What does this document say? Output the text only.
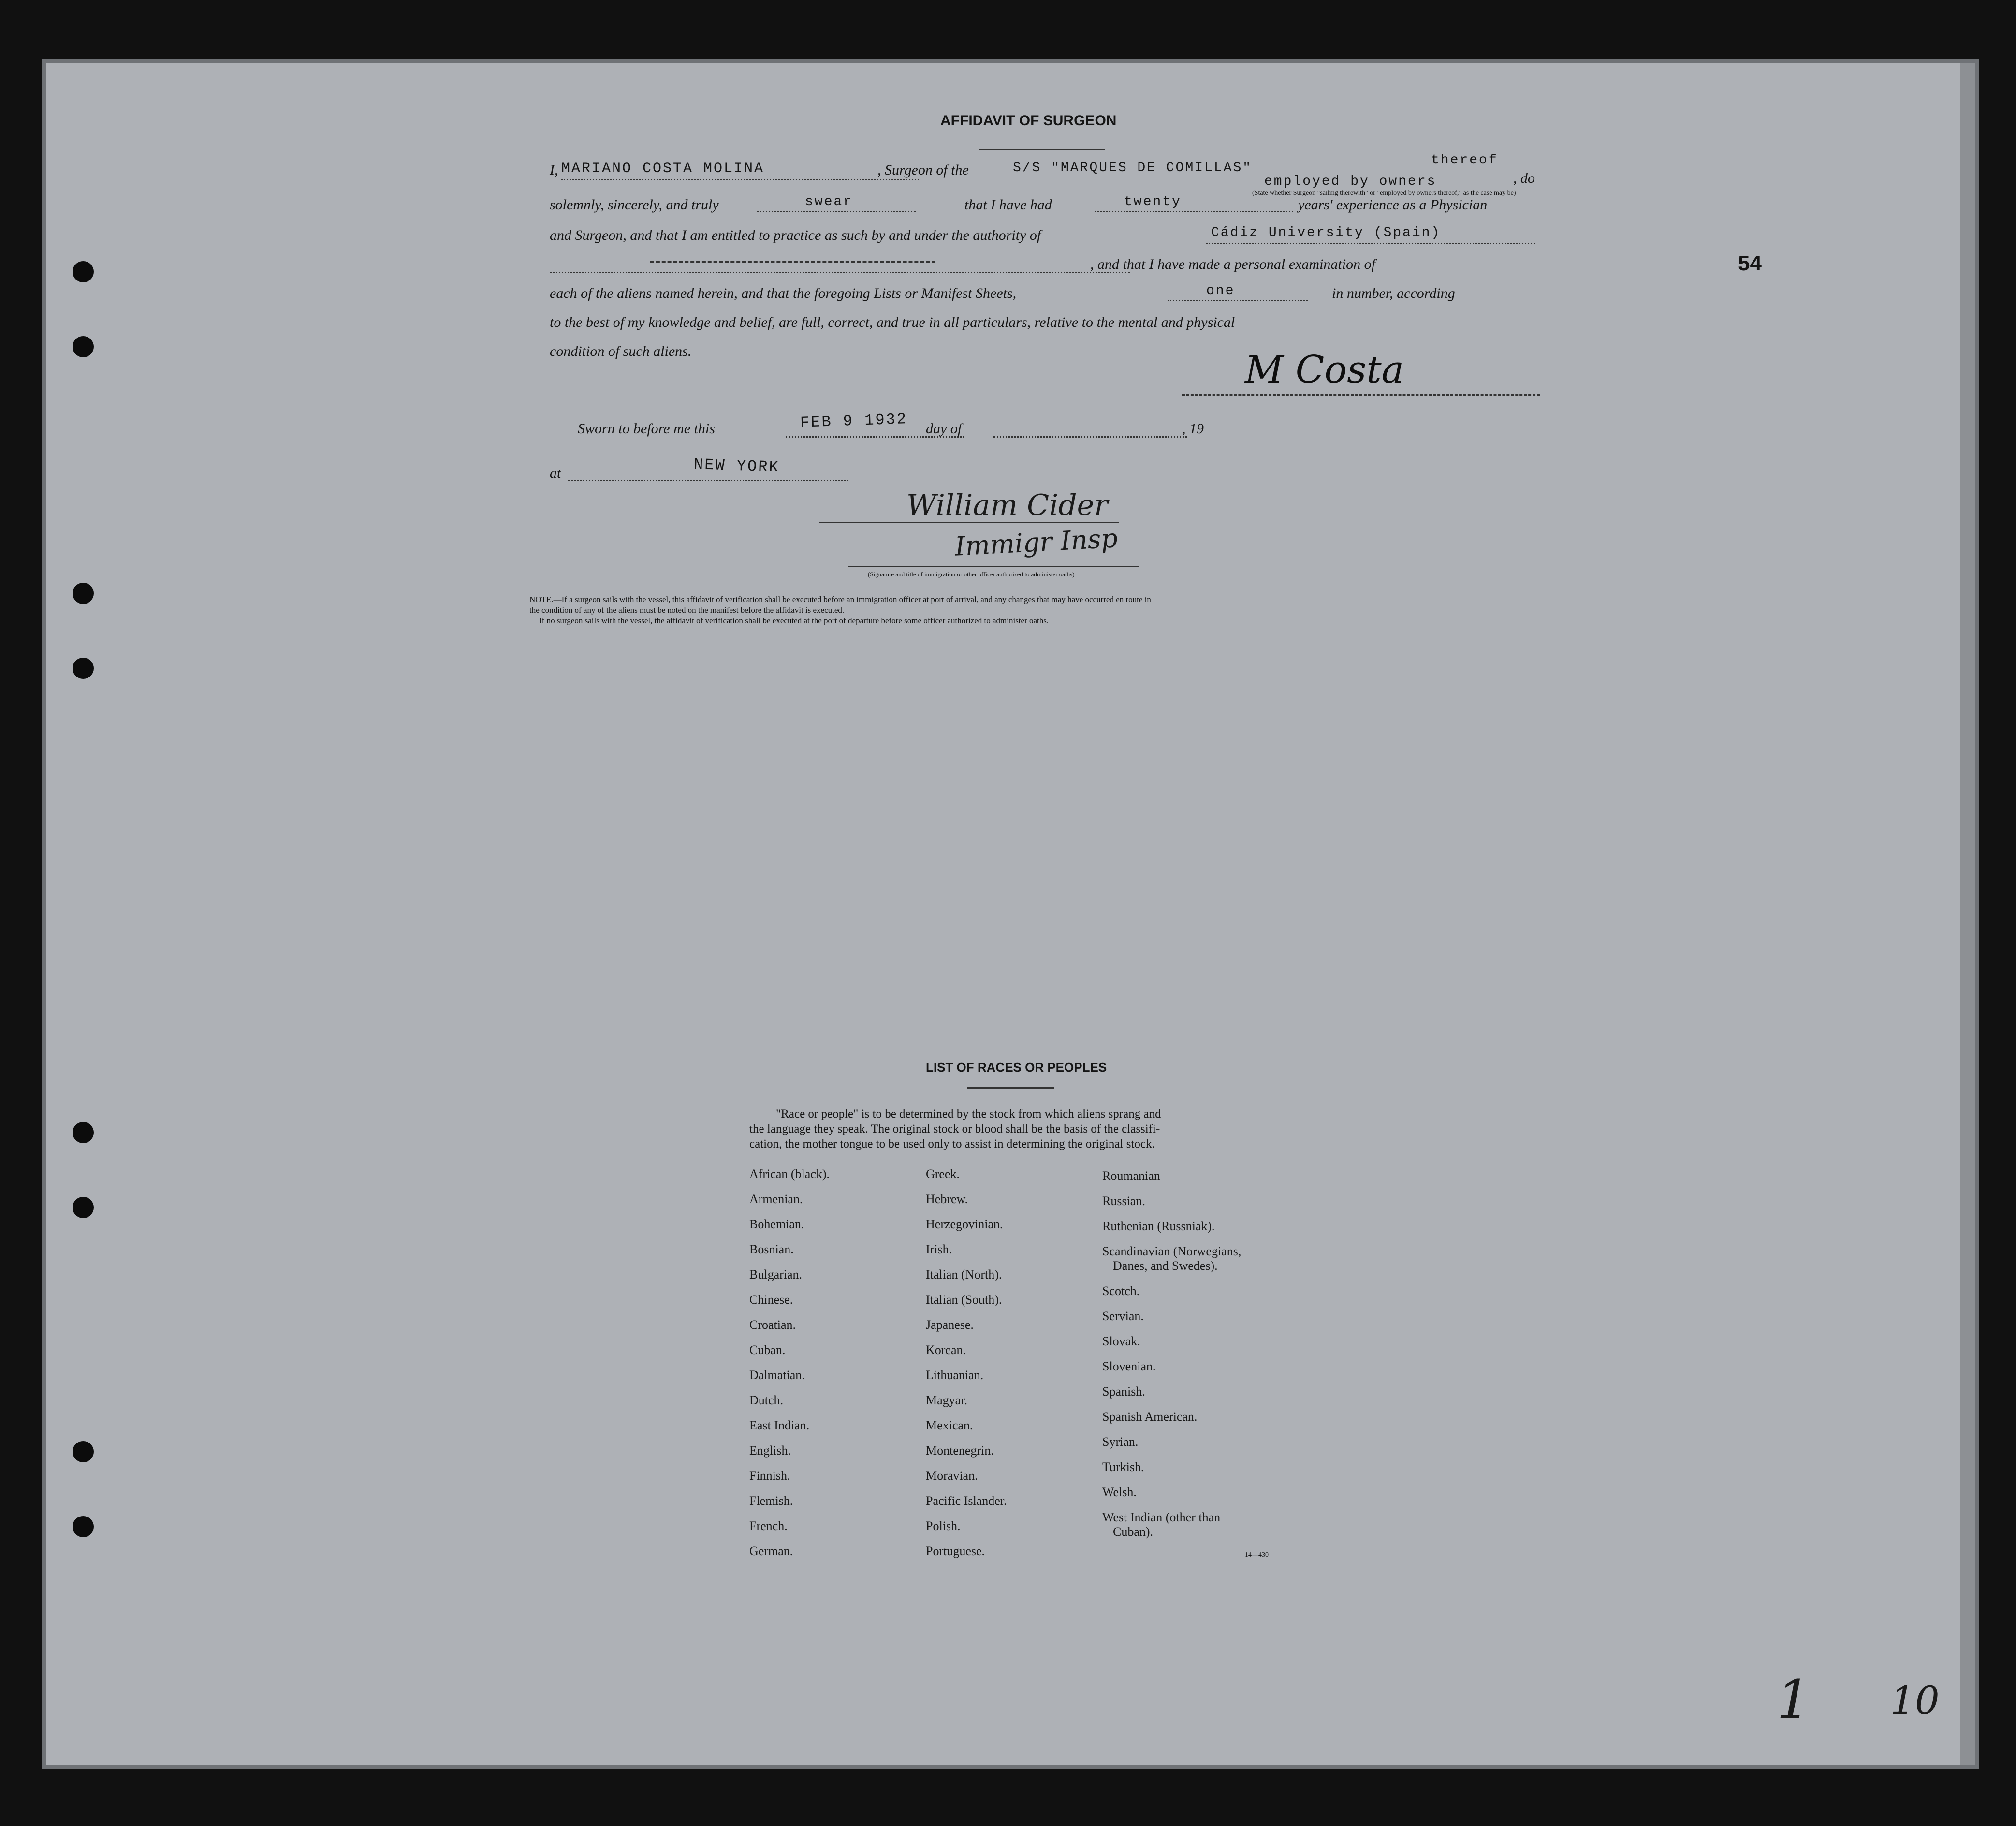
54
AFFIDAVIT OF SURGEON
I, MARIANO COSTA MOLINA	, Surgeon of the	S/S "MARQUES DE COMILLAS"
employed by owners
thereof
, do
(State whether Surgeon "sailing therewith" or "employed by owners thereof," as the case may be)
solemnly, sincerely, and truly	swear	that I have had	twenty	years' experience as a Physician
and Surgeon, and that I am entitled to practice as such by and under the authority of	Cádiz University (Spain)
, and that I have made a personal examination of
each of the aliens named herein, and that the foregoing Lists or Manifest Sheets,	one	in number, according
to the best of my knowledge and belief, are full, correct, and true in all particulars, relative to the mental and physical
condition of such aliens.	M Costa
Sworn to before me this	FEB 9 1932 day of	, 19
at	NEW YORK
William Cider
Immigr Insp
(Signature and title of immigration or other officer authorized to administer oaths)
NOTE.—If a surgeon sails with the vessel, this affidavit of verification shall be executed before an immigration officer at port of arrival, and any changes that may have occurred en route in
the condition of any of the aliens must be noted on the manifest before the affidavit is executed.
If no surgeon sails with the vessel, the affidavit of verification shall be executed at the port of departure before some officer authorized to administer oaths.
LIST OF RACES OR PEOPLES
"Race or people" is to be determined by the stock from which aliens sprang and
the language they speak. The original stock or blood shall be the basis of the classifi-
cation, the mother tongue to be used only to assist in determining the original stock.
African (black).
Armenian.
Bohemian.
Bosnian.
Bulgarian.
Chinese.
Croatian.
Cuban.
Dalmatian.
Dutch.
East Indian.
English.
Finnish.
Flemish.
French.
German.
Greek.
Hebrew.
Herzegovinian.
Irish.
Italian (North).
Italian (South).
Japanese.
Korean.
Lithuanian.
Magyar.
Mexican.
Montenegrin.
Moravian.
Pacific Islander.
Polish.
Portuguese.
Roumanian
Russian.
Ruthenian (Russniak).
Scandinavian (Norwegians,
Danes, and Swedes).
Scotch.
Servian.
Slovak.
Slovenian.
Spanish.
Spanish American.
Syrian.
Turkish.
Welsh.
West Indian (other than
Cuban).
14—430
1 10
